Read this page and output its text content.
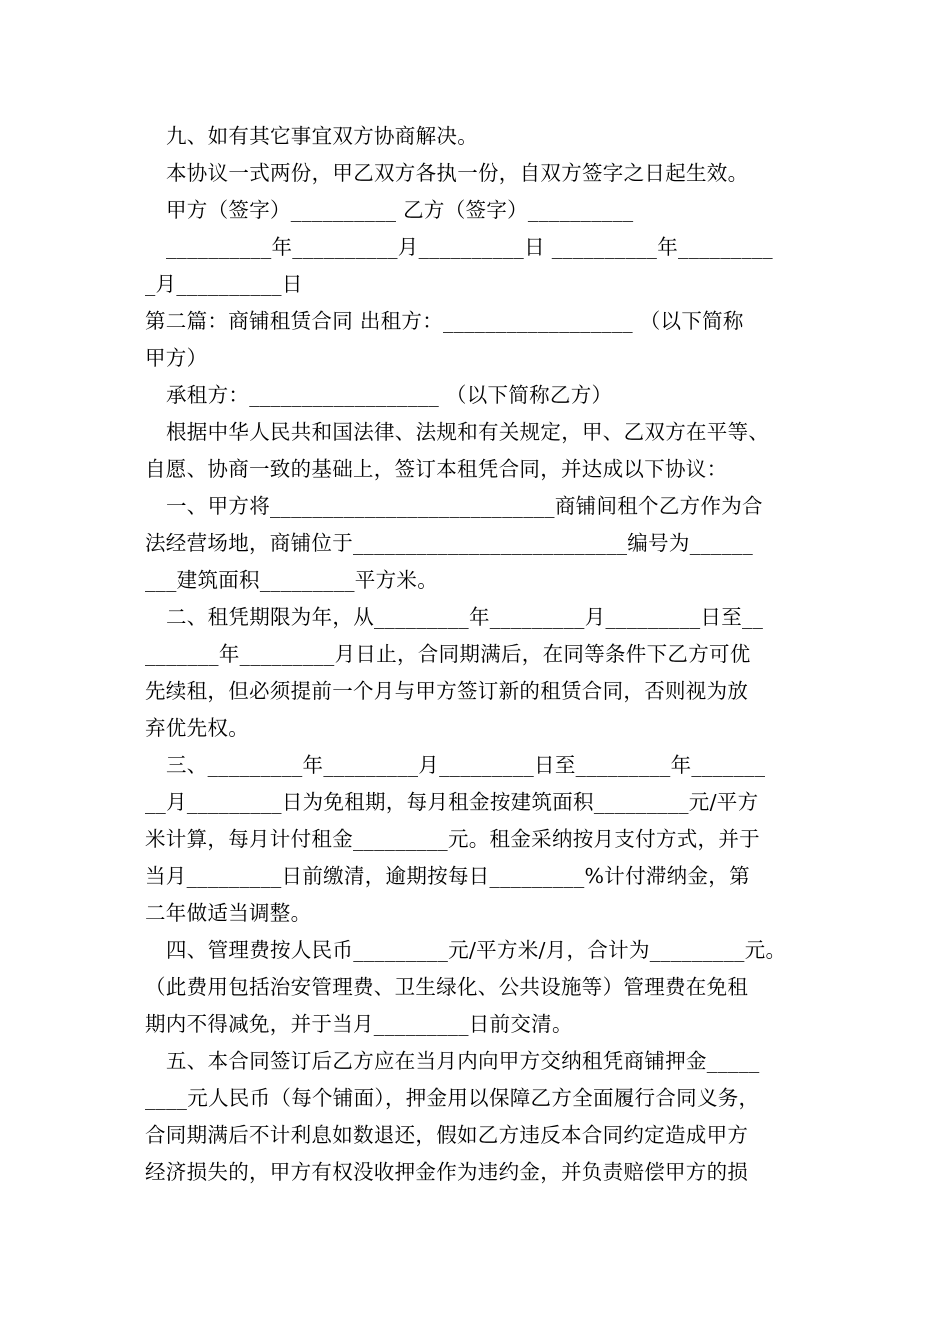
九、如有其它事宜双方协商解决。
本协议一式两份，甲乙双方各执一份，自双方签字之日起生效。
甲方（签字）__________ 乙方（签字）__________
__________年__________月__________日 __________年_________
_月__________日
第二篇：商铺租赁合同 出租方：__________________ （以下简称
甲方）
承租方：__________________ （以下简称乙方）
根据中华人民共和国法律、法规和有关规定，甲、乙双方在平等、
自愿、协商一致的基础上，签订本租凭合同，并达成以下协议：
一、甲方将___________________________商铺间租个乙方作为合
法经营场地，商铺位于__________________________编号为______
___建筑面积_________平方米。
二、租凭期限为年，从_________年_________月_________日至__
_______年_________月日止，合同期满后，在同等条件下乙方可优
先续租，但必须提前一个月与甲方签订新的租赁合同，否则视为放
弃优先权。
三、_________年_________月_________日至_________年_______
__月_________日为免租期，每月租金按建筑面积_________元/平方
米计算，每月计付租金_________元。租金采纳按月支付方式，并于
当月_________日前缴清，逾期按每日_________%计付滞纳金，第
二年做适当调整。
四、管理费按人民币_________元/平方米/月，合计为_________元。
（此费用包括治安管理费、卫生绿化、公共设施等）管理费在免租
期内不得减免，并于当月_________日前交清。
五、本合同签订后乙方应在当月内向甲方交纳租凭商铺押金_____
____元人民币（每个铺面），押金用以保障乙方全面履行合同义务，
合同期满后不计利息如数退还，假如乙方违反本合同约定造成甲方
经济损失的，甲方有权没收押金作为违约金，并负责赔偿甲方的损
